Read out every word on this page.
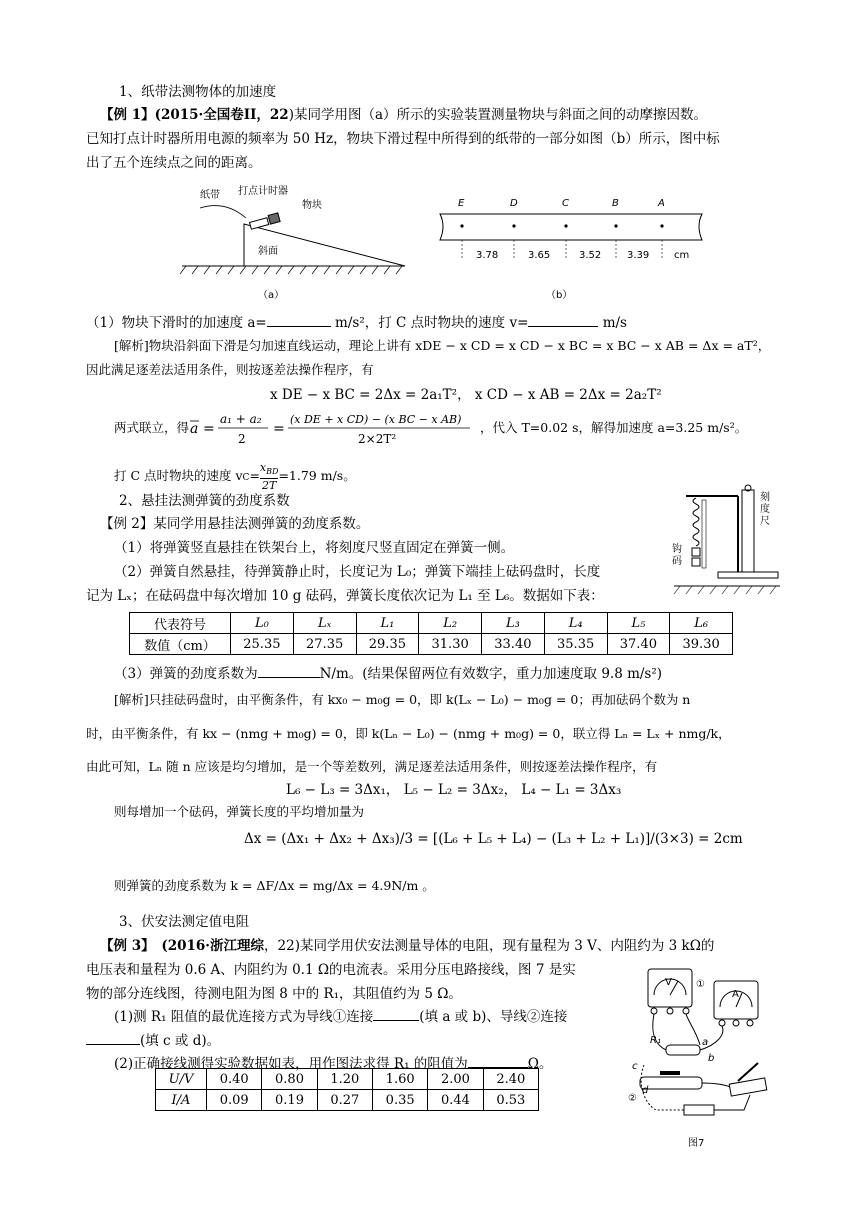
1、纸带法测物体的加速度
【例 1】(2015·全国卷II，22)某同学用图（a）所示的实验装置测量物块与斜面之间的动摩擦因数。
已知打点计时器所用电源的频率为 50 Hz，物块下滑过程中所得到的纸带的一部分如图（b）所示，图中标
出了五个连续点之间的距离。
纸带 打点计时器
物块
斜面
（a）
E	D	C	B	A
3.78	3.65	3.52	3.39 cm
（b）
（1）物块下滑时的加速度 a=	m/s²，打 C 点时物块的速度 v=	m/s
[解析]物块沿斜面下滑是匀加速直线运动，理论上讲有 xDE − x CD = x CD − x BC = x BC − x AB = Δx = aT²，
因此满足逐差法适用条件，则按逐差法操作程序，有
x DE − x BC = 2Δx = 2a₁T²， x CD − x AB = 2Δx = 2a₂T²
两式联立，得 a =
a₁ + a₂
2
=
(x DE + x CD) − (x BC − x AB)
2×2T²
，代入 T=0.02 s，解得加速度 a=3.25 m/s²。
打 C 点时物块的速度 vC=
$x_{BD}$
2T
=1.79 m/s。
2、悬挂法测弹簧的劲度系数
【例 2】某同学用悬挂法测弹簧的劲度系数。
（1）将弹簧竖直悬挂在铁架台上，将刻度尺竖直固定在弹簧一侧。
（2）弹簧自然悬挂，待弹簧静止时，长度记为 L₀；弹簧下端挂上砝码盘时，长度
记为 Lₓ；在砝码盘中每次增加 10 g 砝码，弹簧长度依次记为 L₁ 至 L₆。数据如下表：
刻度尺
钩码
代表符号	L₀	Lₓ	L₁	L₂	L₃	L₄	L₅	L₆
数值（cm）	25.35	27.35	29.35	31.30	33.40	35.35	37.40	39.30
（3）弹簧的劲度系数为	N/m。(结果保留两位有效数字，重力加速度取 9.8 m/s²)
[解析]只挂砝码盘时，由平衡条件，有 kx₀ − m₀g = 0，即 k(Lₓ − L₀) − m₀g = 0；再加砝码个数为 n
时，由平衡条件，有 kx − (nmg + m₀g) = 0，即 k(Lₙ − L₀) − (nmg + m₀g) = 0，联立得 Lₙ = Lₓ + nmg/k，
由此可知，Lₙ 随 n 应该是均匀增加，是一个等差数列，满足逐差法适用条件，则按逐差法操作程序，有
L₆ − L₃ = 3Δx₁， L₅ − L₂ = 3Δx₂， L₄ − L₁ = 3Δx₃
则每增加一个砝码，弹簧长度的平均增加量为
Δx = (Δx₁ + Δx₂ + Δx₃)/3 = [(L₆ + L₅ + L₄) − (L₃ + L₂ + L₁)]/(3×3) = 2cm
则弹簧的劲度系数为 k = ΔF/Δx = mg/Δx = 4.9N/m 。
3、伏安法测定值电阻
【例 3】　(2016·浙江理综，22)某同学用伏安法测量导体的电阻，现有量程为 3 V、内阻约为 3 kΩ的
电压表和量程为 0.6 A、内阻约为 0.1 Ω的电流表。采用分压电路接线，图 7 是实
物的部分连线图，待测电阻为图 8 中的 R₁，其阻值约为 5 Ω。
(1)测 R₁ 阻值的最优连接方式为导线①连接	(填 a 或 b)、导线②连接
(填 c 或 d)。
(2)正确接线测得实验数据如表，用作图法求得 R₁ 的阻值为	Ω。
U/V	0.40	0.80	1.20	1.60	2.00	2.40
I/A	0.09	0.19	0.27	0.35	0.44	0.53
V
A
①
②
R₁	a
b
c
d
图7
